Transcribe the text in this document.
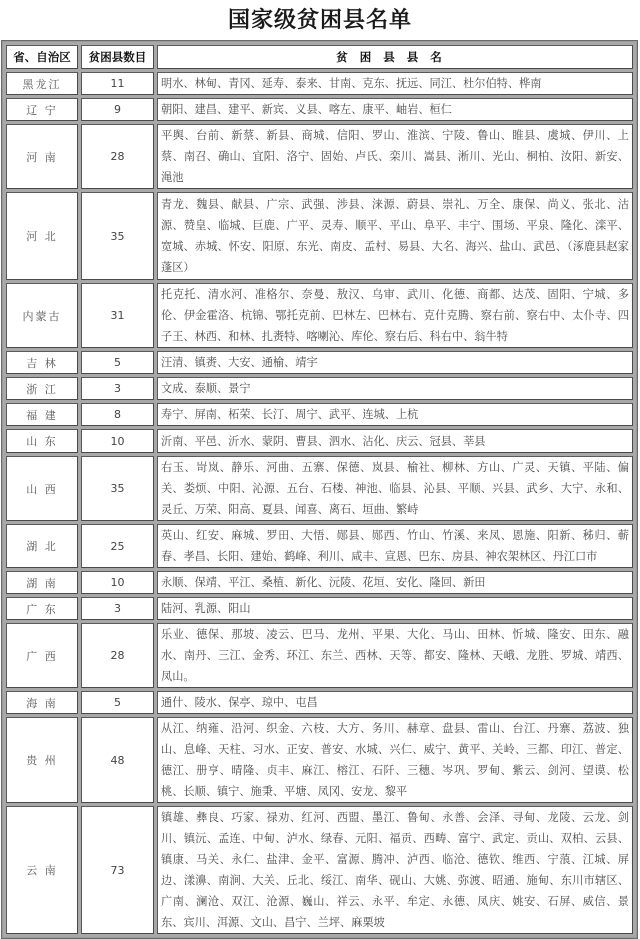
国家级贫困县名单
省、自治区	贫困县数目	贫困县县名
黑龙江	11	明水、林甸、青冈、延寿、泰来、甘南、克东、抚远、同江、杜尔伯特、桦南
辽 宁	9	朝阳、建昌、建平、新宾、义县、喀左、康平、岫岩、桓仁
河 南	28	平舆、台前、新蔡、新县、商城、信阳、罗山、淮滨、宁陵、鲁山、睢县、虞城、伊川、上蔡、南召、确山、宜阳、洛宁、固始、卢氏、栾川、嵩县、淅川、光山、桐柏、汝阳、新安、渑池
河 北	35	青龙、魏县、献县、广宗、武强、涉县、涞源、蔚县、崇礼、万全、康保、尚义、张北、沽源、赞皇、临城、巨鹿、广平、灵寿、顺平、平山、阜平、丰宁、围场、平泉、隆化、滦平、宽城、赤城、怀安、阳原、东光、南皮、孟村、易县、大名、海兴、盐山、武邑、（涿鹿县赵家蓬区）
内蒙古	31	托克托、清水河、准格尔、奈曼、敖汉、乌审、武川、化德、商都、达茂、固阳、宁城、多伦、伊金霍洛、杭锦、鄂托克前、巴林左、巴林右、克什克腾、察右前、察右中、太仆寺、四子王、林西、和林、扎赉特、喀喇沁、库伦、察右后、科右中、翁牛特
吉 林	5	汪清、镇赉、大安、通榆、靖宇
浙 江	3	文成、泰顺、景宁
福 建	8	寿宁、屏南、柘荣、长汀、周宁、武平、连城、上杭
山 东	10	沂南、平邑、沂水、蒙阴、曹县、泗水、沾化、庆云、冠县、莘县
山 西	35	右玉、岢岚、静乐、河曲、五寨、保德、岚县、榆社、柳林、方山、广灵、天镇、平陆、偏关、娄烦、中阳、沁源、五台、石楼、神池、临县、沁县、平顺、兴县、武乡、大宁、永和、灵丘、万荣、阳高、夏县、闻喜、离石、垣曲、繁峙
湖 北	25	英山、红安、麻城、罗田、大悟、郧县、郧西、竹山、竹溪、来凤、恩施、阳新、秭归、蕲春、孝昌、长阳、建始、鹤峰、利川、咸丰、宣恩、巴东、房县、神农架林区、丹江口市
湖 南	10	永顺、保靖、平江、桑植、新化、沅陵、花垣、安化、隆回、新田
广 东	3	陆河、乳源、阳山
广 西	28	乐业、德保、那坡、凌云、巴马、龙州、平果、大化、马山、田林、忻城、隆安、田东、融水、南丹、三江、金秀、环江、东兰、西林、天等、都安、隆林、天峨、龙胜、罗城、靖西、凤山。
海 南	5	通什、陵水、保亭、琼中、屯昌
贵 州	48	从江、纳雍、沿河、织金、六枝、大方、务川、赫章、盘县、雷山、台江、丹寨、荔波、独山、息峰、天柱、习水、正安、普安、水城、兴仁、威宁、黄平、关岭、三都、印江、普定、德江、册亨、晴隆、贞丰、麻江、榕江、石阡、三穗、岑巩、罗甸、紫云、剑河、望谟、松桃、长顺、镇宁、施秉、平塘、凤冈、安龙、黎平
云 南	73	镇雄、彝良、巧家、禄劝、红河、西盟、墨江、鲁甸、永善、会泽、寻甸、龙陵、云龙、剑川、镇沅、孟连、中甸、泸水、绿春、元阳、福贡、西畴、富宁、武定、贡山、双柏、云县、镇康、马关、永仁、盐津、金平、富源、腾冲、泸西、临沧、德钦、维西、宁蒗、江城、屏边、漾濞、南涧、大关、丘北、绥江、南华、砚山、大姚、弥渡、昭通、施甸、东川市辖区、广南、澜沧、双江、沧源、巍山、祥云、永平、牟定、永德、凤庆、姚安、石屏、威信、景东、宾川、洱源、文山、昌宁、兰坪、麻栗坡
